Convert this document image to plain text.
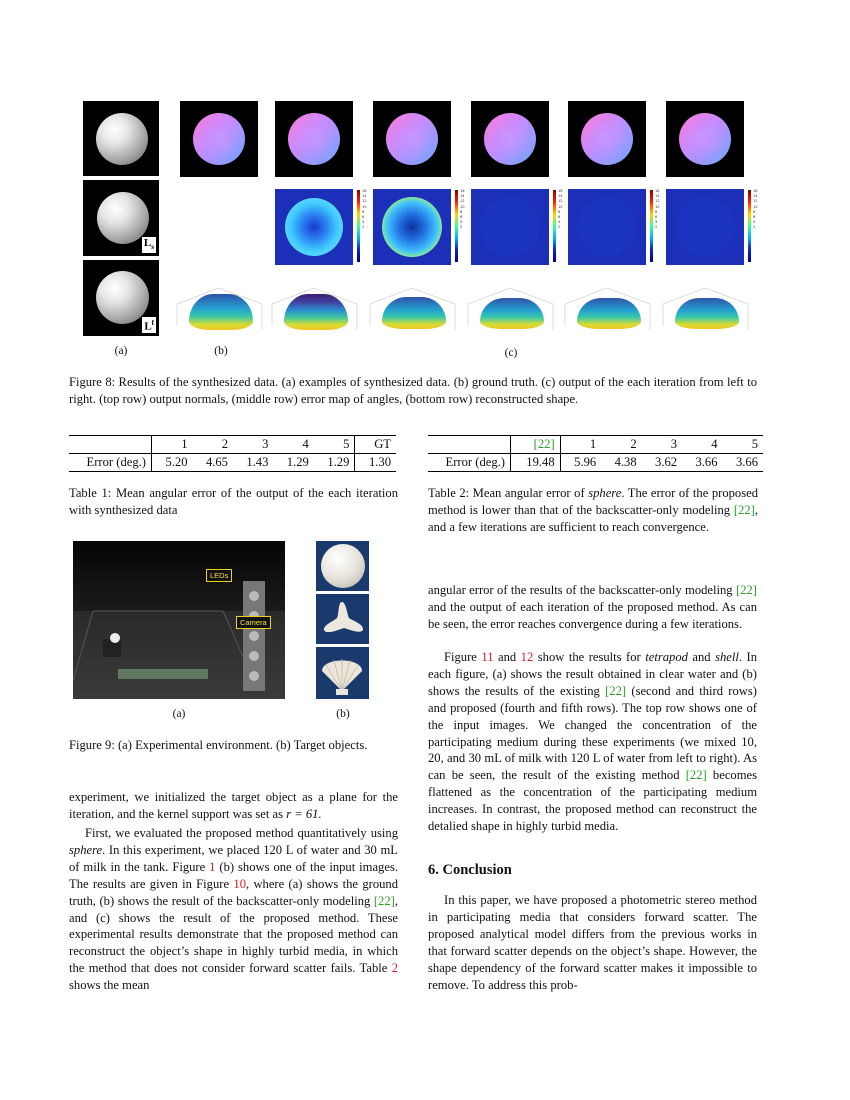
$L_s$
$L^f$
16
14
12
10
8
6
4
2
16
14
12
10
8
6
4
2
16
14
12
10
8
6
4
2
16
14
12
10
8
6
4
2
16
14
12
10
8
6
4
2
(a)	(b)	(c)
Figure 8: Results of the synthesized data. (a) examples of synthesized data. (b) ground truth. (c) output of the each iteration from left to right. (top row) output normals, (middle row) error map of angles, (bottom row) reconstructed shape.
	1	2	3	4	5	GT
Error (deg.)	5.20	4.65	1.43	1.29	1.29	1.30
Table 1: Mean angular error of the output of the each iteration with synthesized data
	[22]	1	2	3	4	5
Error (deg.)	19.48	5.96	4.38	3.62	3.66	3.66
Table 2: Mean angular error of sphere. The error of the proposed method is lower than that of the backscatter-only modeling [22], and a few iterations are sufficient to reach convergence.
LEDs
Camera
(a)	(b)
Figure 9: (a) Experimental environment. (b) Target objects.
experiment, we initialized the target object as a plane for the iteration, and the kernel support was set as r = 61.
First, we evaluated the proposed method quantitatively using sphere. In this experiment, we placed 120 L of water and 30 mL of milk in the tank. Figure 1 (b) shows one of the input images. The results are given in Figure 10, where (a) shows the ground truth, (b) shows the result of the backscatter-only modeling [22], and (c) shows the result of the proposed method. These experimental results demonstrate that the proposed method can reconstruct the object’s shape in highly turbid media, in which the method that does not consider forward scatter fails. Table 2 shows the mean
angular error of the results of the backscatter-only modeling [22] and the output of each iteration of the proposed method. As can be seen, the error reaches convergence during a few iterations.
Figure 11 and 12 show the results for tetrapod and shell. In each figure, (a) shows the result obtained in clear water and (b) shows the results of the existing [22] (second and third rows) and proposed (fourth and fifth rows). The top row shows one of the input images. We changed the concentration of the participating medium during these experiments (we mixed 10, 20, and 30 mL of milk with 120 L of water from left to right). As can be seen, the result of the existing method [22] becomes flattened as the concentration of the participating medium increases. In contrast, the proposed method can reconstruct the detalied shape in highly turbid media.
6. Conclusion
In this paper, we have proposed a photometric stereo method in participating media that considers forward scatter. The proposed analytical model differs from the previous works in that forward scatter depends on the object’s shape. However, the shape dependency of the forward scatter makes it impossible to remove. To address this prob-
